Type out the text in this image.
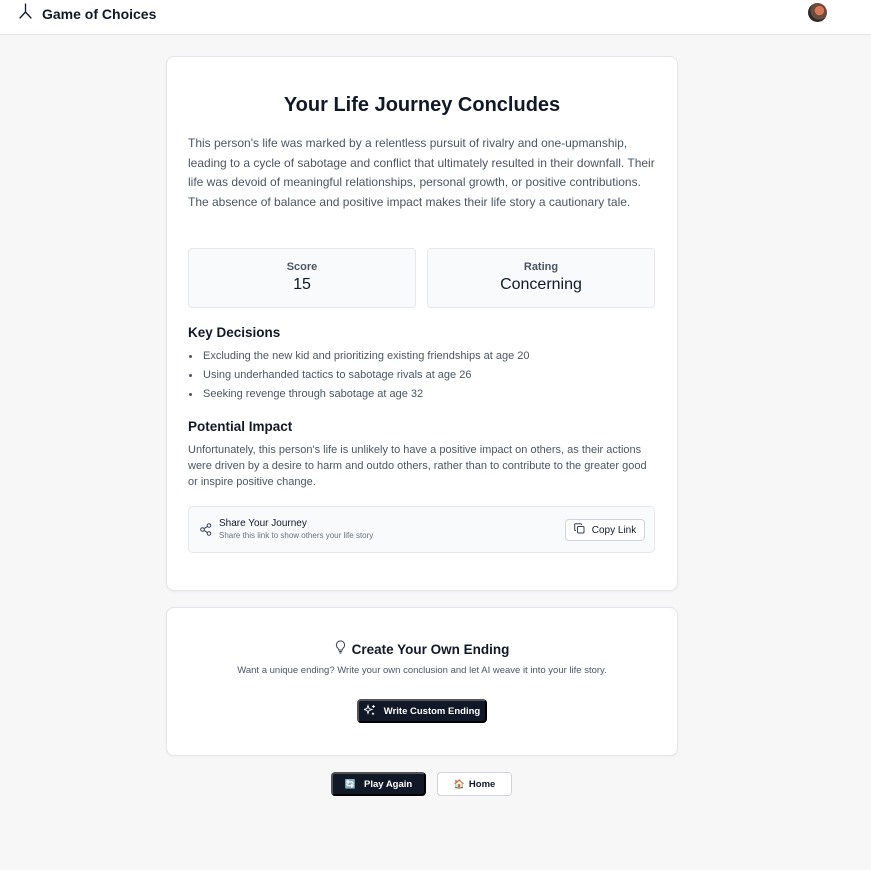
Game of Choices
Your Life Journey Concludes

This person's life was marked by a relentless pursuit of rivalry and one-upmanship, leading to a cycle of sabotage and conflict that ultimately resulted in their downfall. Their life was devoid of meaningful relationships, personal growth, or positive contributions. The absence of balance and positive impact makes their life story a cautionary tale.

Score
15
Rating
Concerning
Key Decisions
Excluding the new kid and prioritizing existing friendships at age 20
Using underhanded tactics to sabotage rivals at age 26
Seeking revenge through sabotage at age 32
Potential Impact

Unfortunately, this person's life is unlikely to have a positive impact on others, as their actions were driven by a desire to harm and outdo others, rather than to contribute to the greater good or inspire positive change.

Share Your Journey
Share this link to show others your life story	Copy Link
Create Your Own Ending

Want a unique ending? Write your own conclusion and let AI weave it into your life story.

Write Custom Ending
🔄 Play Again	🏠 Home
